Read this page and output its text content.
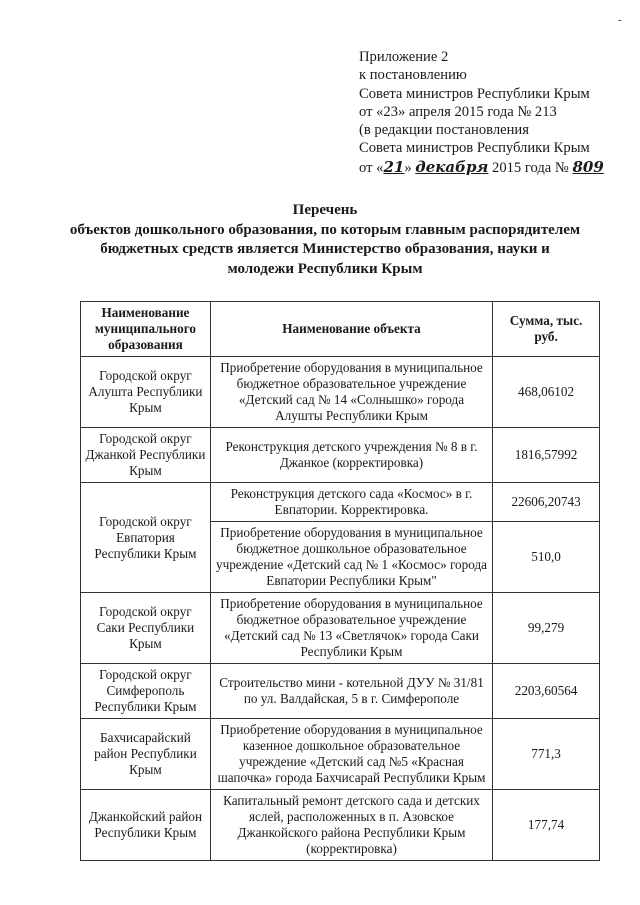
-
Приложение 2
к постановлению
Совета министров Республики Крым
от «23» апреля 2015 года № 213
(в редакции постановления
Совета министров Республики Крым
от «21» декабря 2015 года № 809
Перечень
объектов дошкольного образования, по которым главным распорядителем
бюджетных средств является Министерство образования, науки и
молодежи Республики Крым
Наименование муниципального образования	Наименование объекта	Сумма, тыс. руб.
Городской округ Алушта Республики Крым	Приобретение оборудования в муниципальное бюджетное образовательное учреждение «Детский сад № 14 «Солнышко» города Алушты Республики Крым	468,06102
Городской округ Джанкой Республики Крым	Реконструкция детского учреждения № 8 в г. Джанкое (корректировка)	1816,57992
Городской округ Евпатория Республики Крым	Реконструкция детского сада «Космос» в г. Евпатории. Корректировка.	22606,20743
	Приобретение оборудования в муниципальное бюджетное дошкольное образовательное учреждение «Детский сад № 1 «Космос» города Евпатории Республики Крым"	510,0
Городской округ Саки Республики Крым	Приобретение оборудования в муниципальное бюджетное образовательное учреждение «Детский сад № 13 «Светлячок» города Саки Республики Крым	99,279
Городской округ Симферополь Республики Крым	Строительство мини - котельной ДУУ № 31/81 по ул. Валдайская, 5 в г. Симферополе	2203,60564
Бахчисарайский район Республики Крым	Приобретение оборудования в муниципальное казенное дошкольное образовательное учреждение «Детский сад №5 «Красная шапочка» города Бахчисарай Республики Крым	771,3
Джанкойский район Республики Крым	Капитальный ремонт детского сада и детских яслей, расположенных в п. Азовское Джанкойского района Республики Крым (корректировка)	177,74
